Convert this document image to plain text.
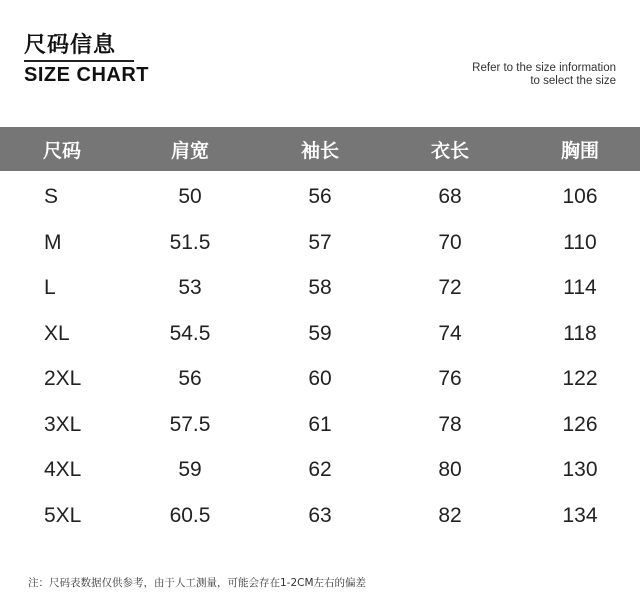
尺码信息
SIZE CHART	Refer to the size information
to select the size
尺码	肩宽	袖长	衣长	胸围
S	50	56	68	106
M	51.5	57	70	110
L	53	58	72	114
XL	54.5	59	74	118
2XL	56	60	76	122
3XL	57.5	61	78	126
4XL	59	62	80	130
5XL	60.5	63	82	134
注：尺码表数据仅供参考，由于人工测量，可能会存在1-2CM左右的偏差
